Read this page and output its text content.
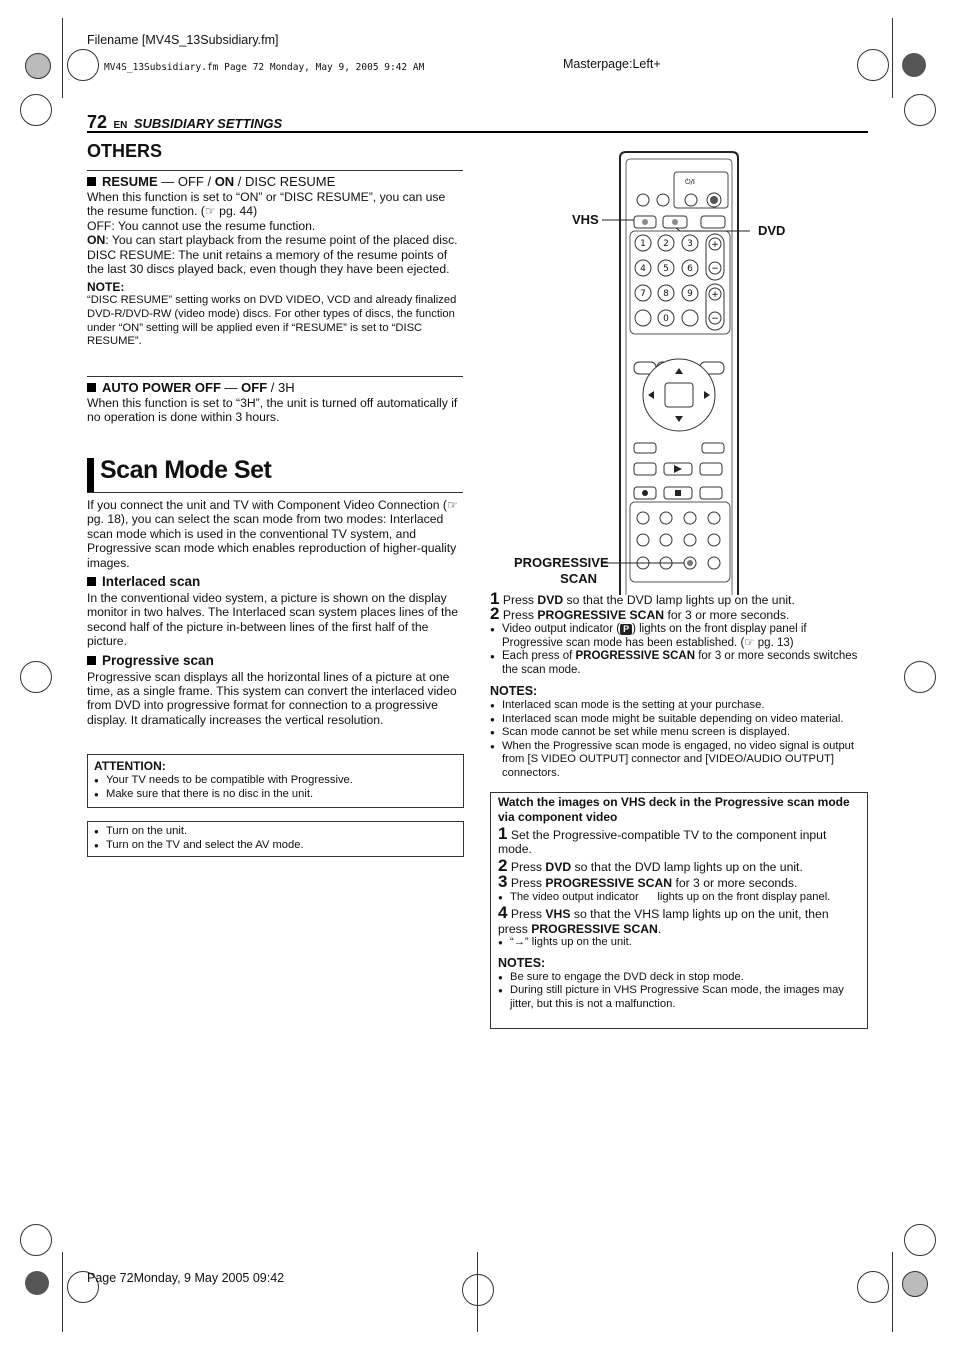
Filename [MV4S_13Subsidiary.fm]
MV4S_13Subsidiary.fm Page 72 Monday, May 9, 2005 9:42 AM	Masterpage:Left+
Page 72Monday, 9 May 2005 09:42
72 EN SUBSIDIARY SETTINGS
OTHERS
RESUME — OFF / ON / DISC RESUME
When this function is set to “ON” or “DISC RESUME”, you can use the resume function. (☞ pg. 44)
OFF: You cannot use the resume function.
ON: You can start playback from the resume point of the placed disc.
DISC RESUME: The unit retains a memory of the resume points of the last 30 discs played back, even though they have been ejected.
NOTE:
“DISC RESUME” setting works on DVD VIDEO, VCD and already finalized DVD-R/DVD-RW (video mode) discs. For other types of discs, the function under “ON” setting will be applied even if “RESUME” is set to “DISC RESUME”.
AUTO POWER OFF — OFF / 3H
When this function is set to “3H”, the unit is turned off automatically if no operation is done within 3 hours.
Scan Mode Set
If you connect the unit and TV with Component Video Connection (☞ pg. 18), you can select the scan mode from two modes: Interlaced scan mode which is used in the conventional TV system, and Progressive scan mode which enables reproduction of higher-quality images.
Interlaced scan
In the conventional video system, a picture is shown on the display monitor in two halves. The Interlaced scan system places lines of the second half of the picture in-between lines of the first half of the picture.
Progressive scan
Progressive scan displays all the horizontal lines of a picture at one time, as a single frame. This system can convert the interlaced video from DVD into progressive format for connection to a progressive display. It dramatically increases the vertical resolution.
ATTENTION:
● Your TV needs to be compatible with Progressive.
● Make sure that there is no disc in the unit.
● Turn on the unit.
● Turn on the TV and select the AV mode.
⏻/I
1 2 3
4 5 6
7 8 9
0
+
−
+
−
VHS
DVD
PROGRESSIVE
SCAN
1 Press DVD so that the DVD lamp lights up on the unit.
2 Press PROGRESSIVE SCAN for 3 or more seconds.
● Video output indicator ( P ) lights on the front display panel if Progressive scan mode has been established. (☞ pg. 13)
● Each press of PROGRESSIVE SCAN for 3 or more seconds switches the scan mode.
NOTES:
● Interlaced scan mode is the setting at your purchase.
● Interlaced scan mode might be suitable depending on video material.
● Scan mode cannot be set while menu screen is displayed.
● When the Progressive scan mode is engaged, no video signal is output from [S VIDEO OUTPUT] connector and [VIDEO/AUDIO OUTPUT] connectors.
Watch the images on VHS deck in the Progressive scan mode via component video
1 Set the Progressive-compatible TV to the component input mode.
2 Press DVD so that the DVD lamp lights up on the unit.
3 Press PROGRESSIVE SCAN for 3 or more seconds.
● The video output indicator      lights up on the front display panel.
4 Press VHS so that the VHS lamp lights up on the unit, then press PROGRESSIVE SCAN.
● “→” lights up on the unit.
NOTES:
● Be sure to engage the DVD deck in stop mode.
● During still picture in VHS Progressive Scan mode, the images may jitter, but this is not a malfunction.
